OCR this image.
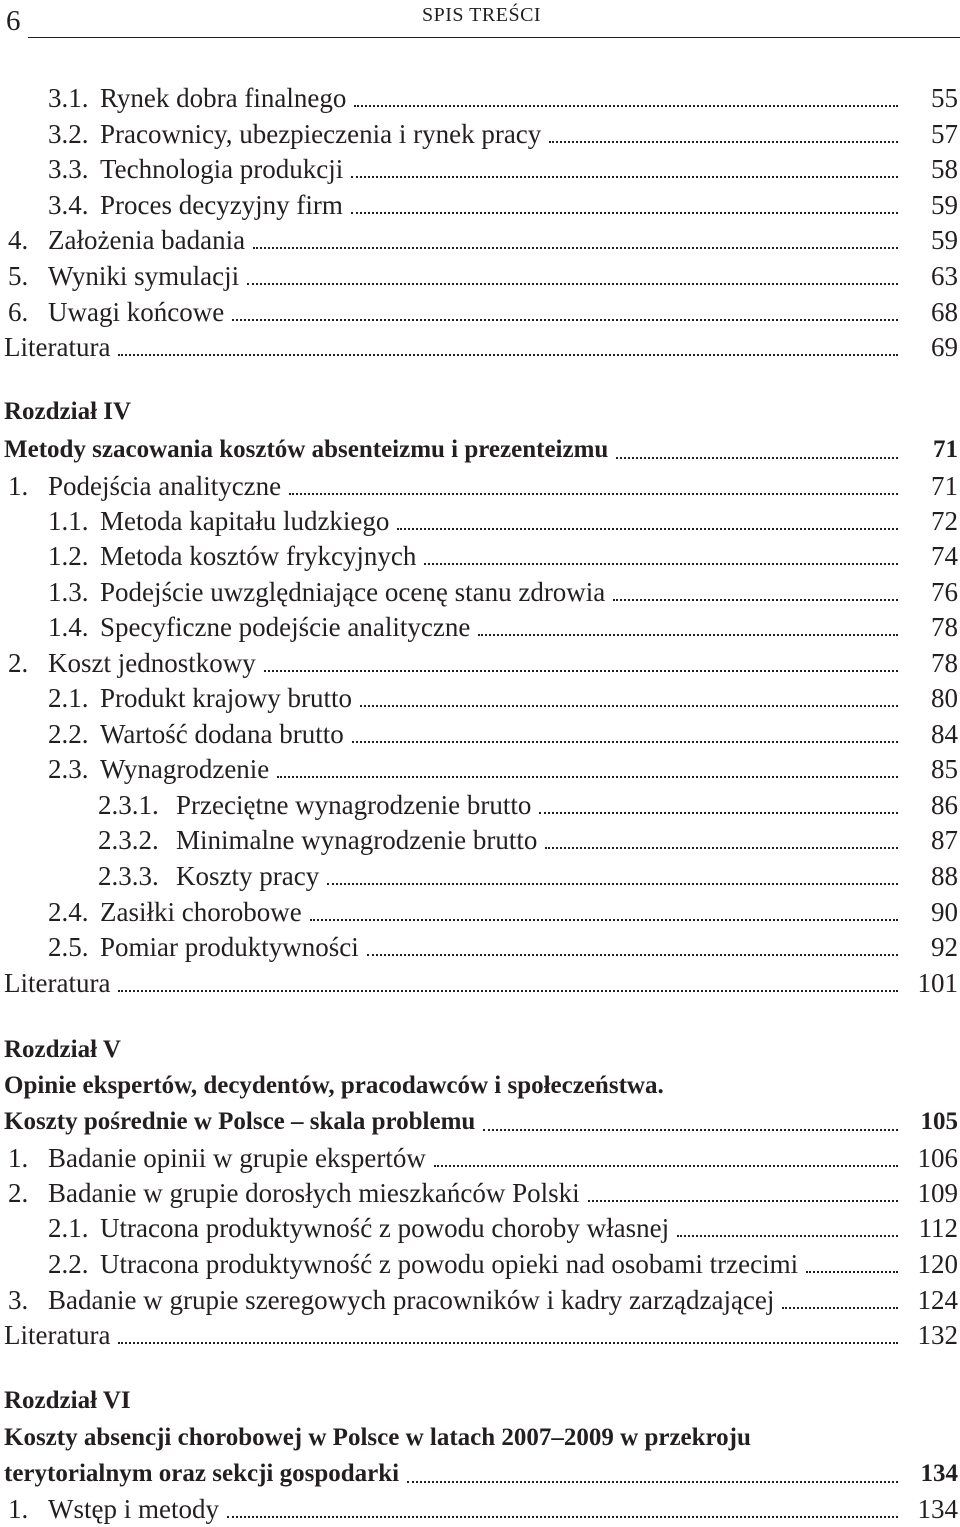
6	SPIS TREŚCI
3.1. Rynek dobra finalnego	55
3.2. Pracownicy, ubezpieczenia i rynek pracy	57
3.3. Technologia produkcji	58
3.4. Proces decyzyjny firm	59
4. Założenia badania	59
5. Wyniki symulacji	63
6. Uwagi końcowe	68
Literatura	69
Rozdział IV
Metody szacowania kosztów absenteizmu i prezenteizmu	71
1. Podejścia analityczne	71
1.1. Metoda kapitału ludzkiego	72
1.2. Metoda kosztów frykcyjnych	74
1.3. Podejście uwzględniające ocenę stanu zdrowia	76
1.4. Specyficzne podejście analityczne	78
2. Koszt jednostkowy	78
2.1. Produkt krajowy brutto	80
2.2. Wartość dodana brutto	84
2.3. Wynagrodzenie	85
2.3.1. Przeciętne wynagrodzenie brutto	86
2.3.2. Minimalne wynagrodzenie brutto	87
2.3.3. Koszty pracy	88
2.4. Zasiłki chorobowe	90
2.5. Pomiar produktywności	92
Literatura	101
Rozdział V
Opinie ekspertów, decydentów, pracodawców i społeczeństwa.
Koszty pośrednie w Polsce – skala problemu	105
1. Badanie opinii w grupie ekspertów	106
2. Badanie w grupie dorosłych mieszkańców Polski	109
2.1. Utracona produktywność z powodu choroby własnej	112
2.2. Utracona produktywność z powodu opieki nad osobami trzecimi	120
3. Badanie w grupie szeregowych pracowników i kadry zarządzającej	124
Literatura	132
Rozdział VI
Koszty absencji chorobowej w Polsce w latach 2007–2009 w przekroju
terytorialnym oraz sekcji gospodarki	134
1. Wstęp i metody	134
